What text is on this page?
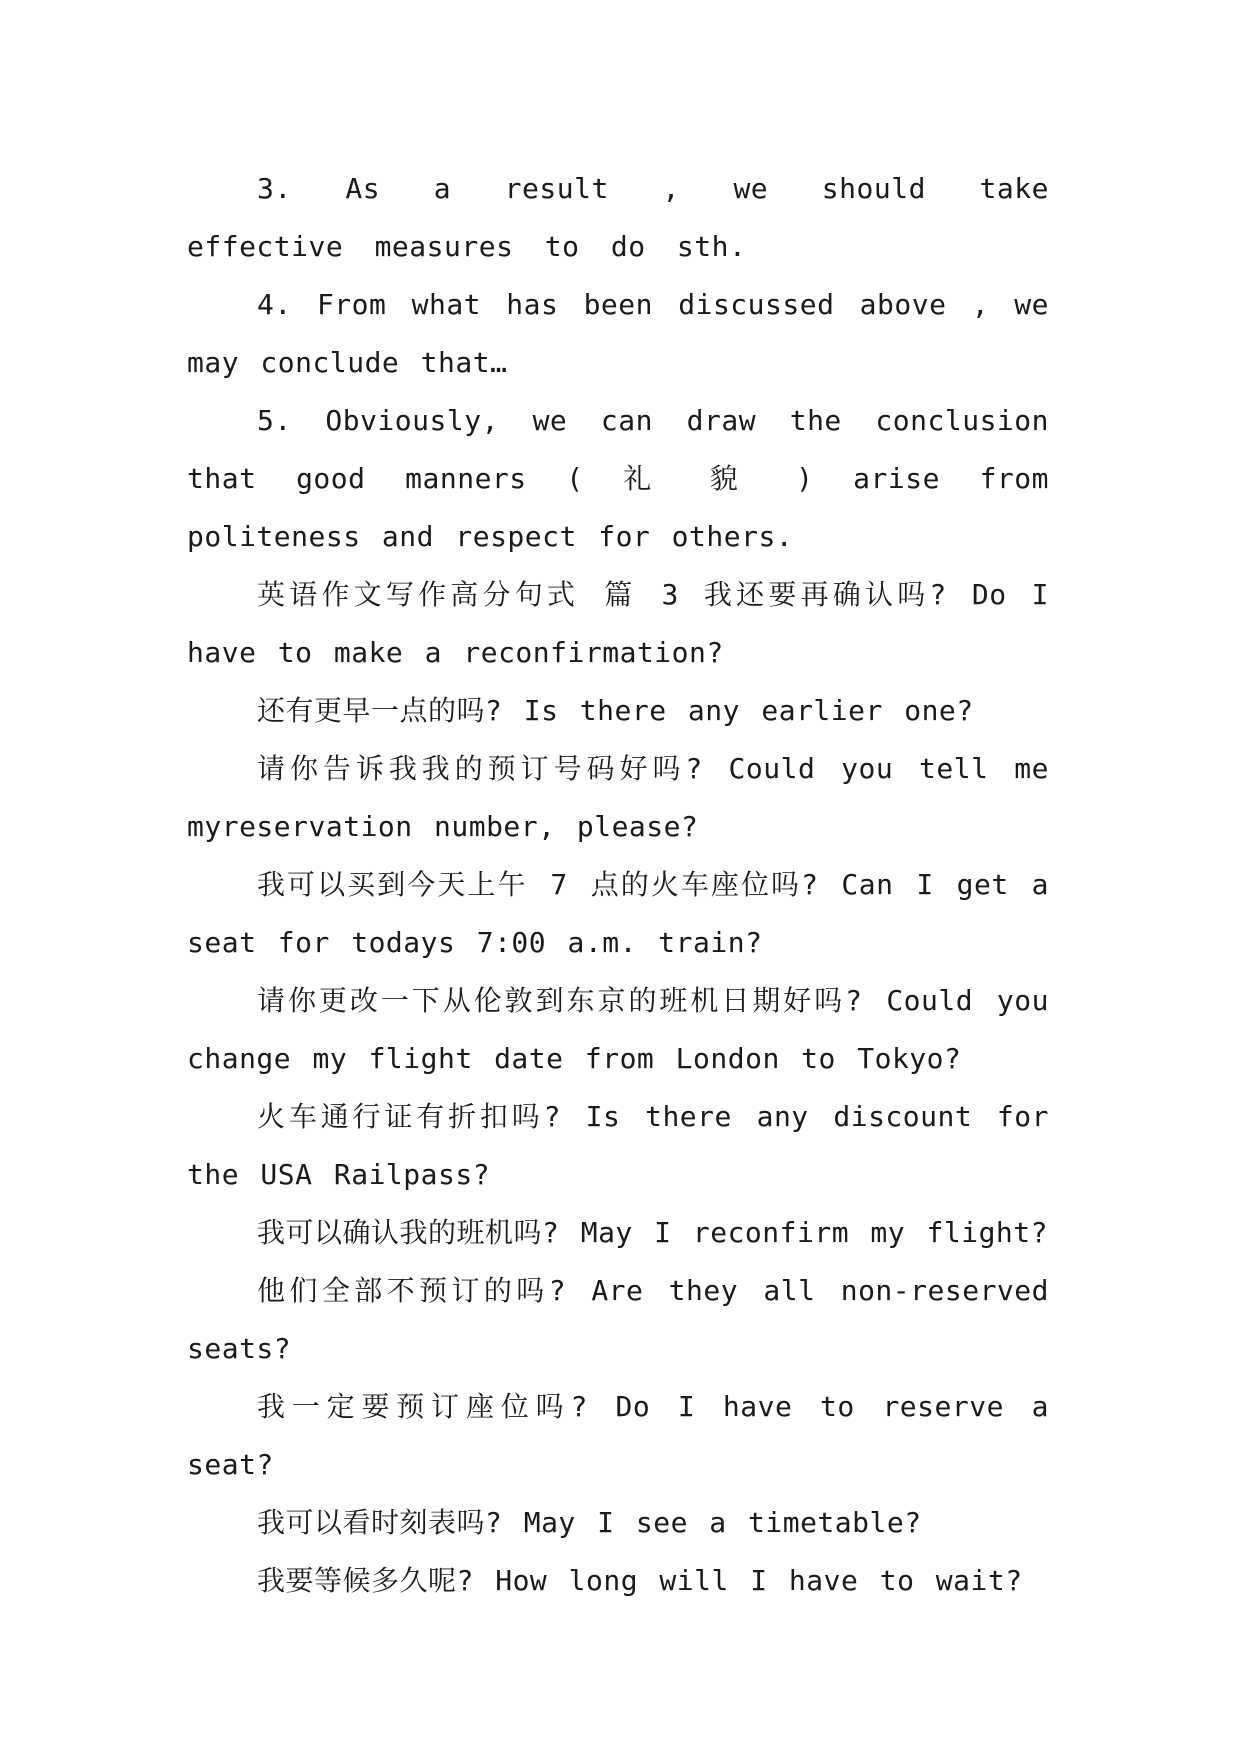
3. As a result , we should take effective measures to do sth.

4. From what has been discussed above , we may conclude that…

5. Obviously, we can draw the conclusion that good manners ( 礼 貌 ) arise from politeness and respect for others.

英语作文写作高分句式 篇 3 我还要再确认吗? Do I have to make a reconfirmation?

还有更早一点的吗? Is there any earlier one?

请你告诉我我的预订号码好吗? Could you tell me myreservation number, please?

我可以买到今天上午 7 点的火车座位吗? Can I get a seat for todays 7:00 a.m. train?

请你更改一下从伦敦到东京的班机日期好吗? Could you change my flight date from London to Tokyo?

火车通行证有折扣吗? Is there any discount for the USA Railpass?

我可以确认我的班机吗? May I reconfirm my flight?

他们全部不预订的吗? Are they all non-reserved seats?

我一定要预订座位吗? Do I have to reserve a seat?

我可以看时刻表吗? May I see a timetable?

我要等候多久呢? How long will I have to wait?
